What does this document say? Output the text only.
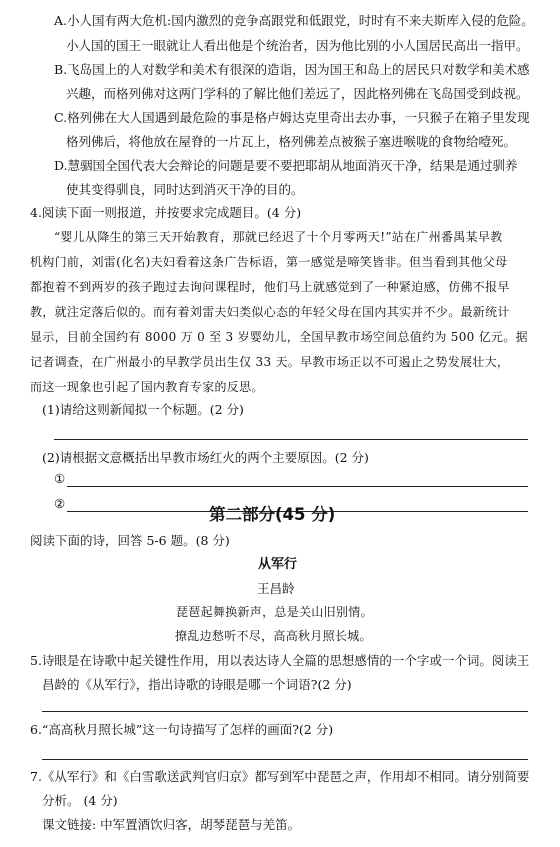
A.小人国有两大危机:国内激烈的竞争高跟党和低跟党，时时有不来夫斯库入侵的危险。
小人国的国王一眼就让人看出他是个统治者，因为他比别的小人国居民高出一指甲。
B.飞岛国上的人对数学和美术有很深的造诣，因为国王和岛上的居民只对数学和美术感
兴趣，而格列佛对这两门学科的了解比他们差远了，因此格列佛在飞岛国受到歧视。
C.格列佛在大人国遇到最危险的事是格卢姆达克里奇出去办事，一只猴子在箱子里发现
格列佛后，将他放在屋脊的一片瓦上，格列佛差点被猴子塞进喉咙的食物给噎死。
D.慧骃国全国代表大会辩论的问题是要不要把耶胡从地面消灭干净，结果是通过驯养
使其变得驯良，同时达到消灭干净的目的。
4.阅读下面一则报道，并按要求完成题目。(4 分)
“婴儿从降生的第三天开始教育，那就已经迟了十个月零两天!”站在广州番禺某早教
机构门前，刘雷(化名)夫妇看着这条广告标语，第一感觉是啼笑皆非。但当看到其他父母
都抱着不到两岁的孩子跑过去询问课程时，他们马上就感觉到了一种紧迫感，仿佛不报早
教，就注定落后似的。而有着刘雷夫妇类似心态的年轻父母在国内其实并不少。最新统计
显示，目前全国约有 8000 万 0 至 3 岁婴幼儿，全国早教市场空间总值约为 500 亿元。据
记者调查，在广州最小的早教学员出生仅 33 天。早教市场正以不可遏止之势发展壮大，
而这一现象也引起了国内教育专家的反思。
(1)请给这则新闻拟一个标题。(2 分)
(2)请根据文意概括出早教市场红火的两个主要原因。(2 分)
①
②
第二部分(45 分)
阅读下面的诗，回答 5-6 题。(8 分)
从军行
王昌龄
琵琶起舞换新声，总是关山旧别情。
撩乱边愁听不尽，高高秋月照长城。
5.诗眼是在诗歌中起关键性作用，用以表达诗人全篇的思想感情的一个字或一个词。阅读王
昌龄的《从军行》，指出诗歌的诗眼是哪一个词语?(2 分)
6.“高高秋月照长城”这一句诗描写了怎样的画面?(2 分)
7.《从军行》和《白雪歌送武判官归京》都写到军中琵琶之声，作用却不相同。请分别简要
分析。 (4 分)
课文链接: 中军置酒饮归客，胡琴琵琶与羌笛。
